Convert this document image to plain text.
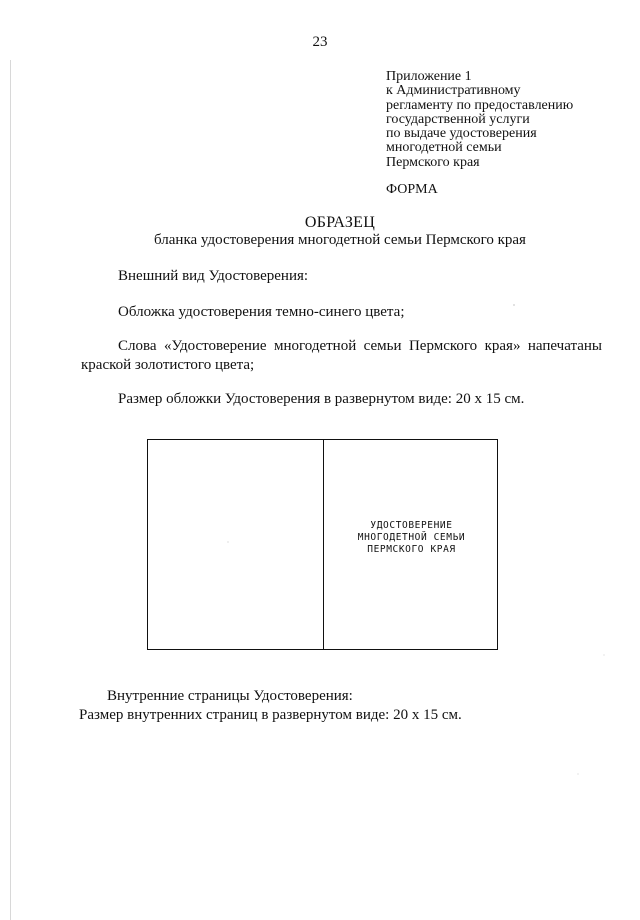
23
Приложение 1
к Административному
регламенту по предоставлению
государственной услуги
по выдаче удостоверения
многодетной семьи
Пермского края
ФОРМА
ОБРАЗЕЦ
бланка удостоверения многодетной семьи Пермского края
Внешний вид Удостоверения:
Обложка удостоверения темно-синего цвета;
Слова «Удостоверение многодетной семьи Пермского края» напечатаны краской золотистого цвета;
Размер обложки Удостоверения в развернутом виде: 20 х 15 см.
УДОСТОВЕРЕНИЕ
МНОГОДЕТНОЙ СЕМЬИ
ПЕРМСКОГО КРАЯ
Внутренние страницы Удостоверения:
Размер внутренних страниц в развернутом виде: 20 х 15 см.
